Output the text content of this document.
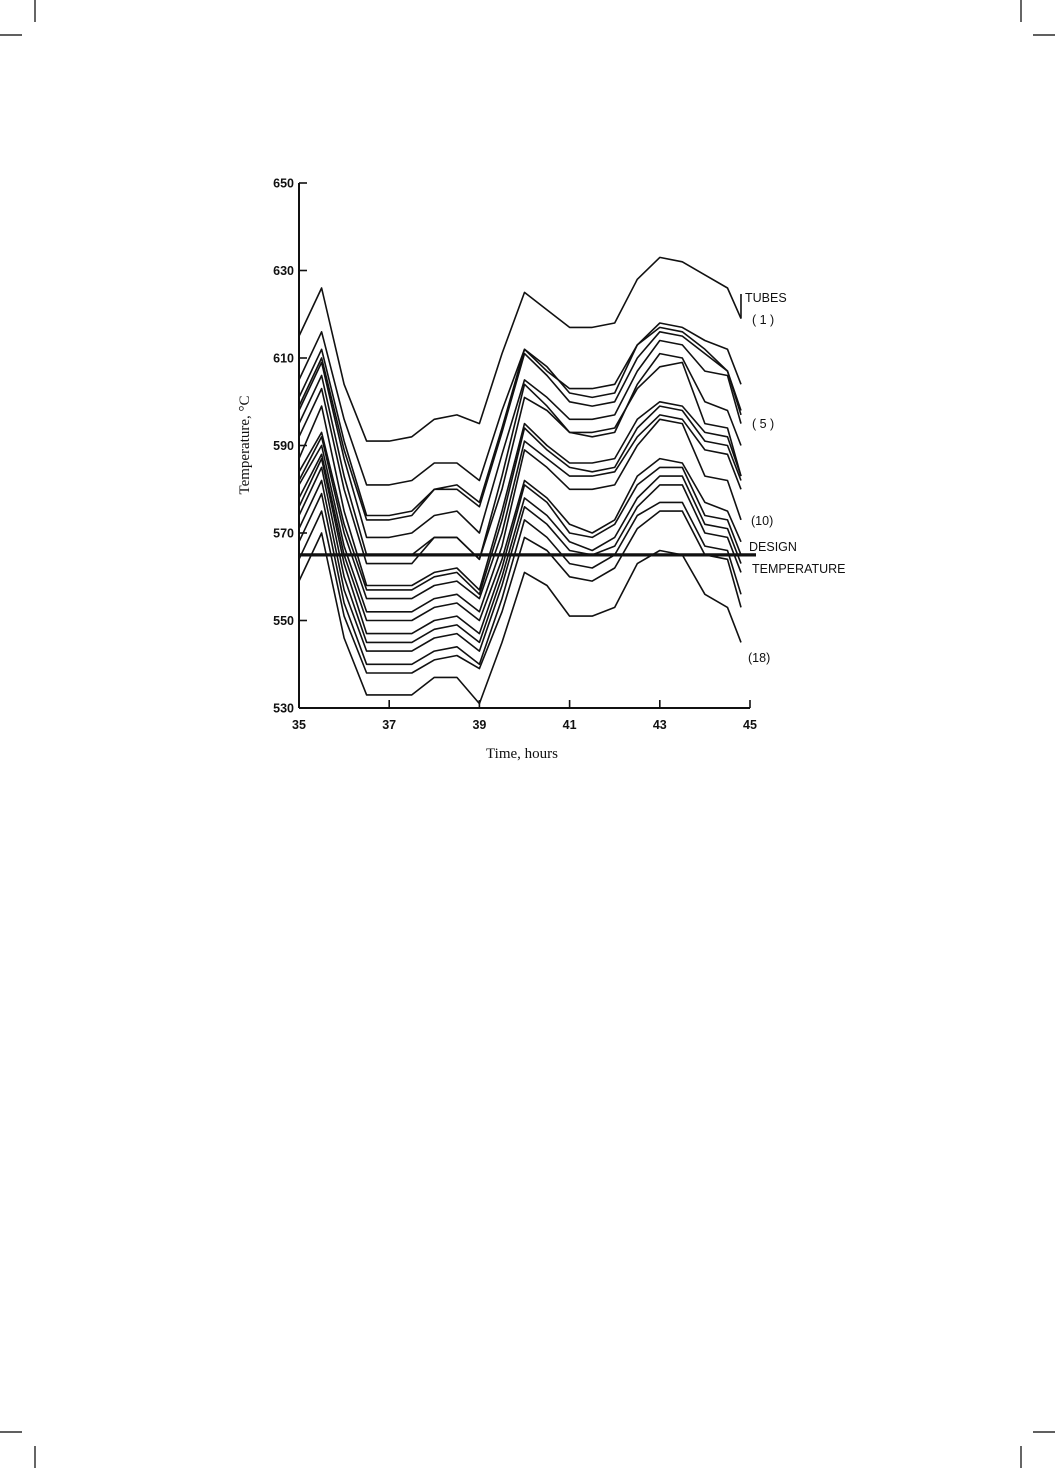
650
630
610
590
570
550
530
35	37	39	41	43	45
TUBES
( 1 )
( 5 )
(10)
DESIGN
TEMPERATURE
(18)
Time, hours
Temperature, °C
